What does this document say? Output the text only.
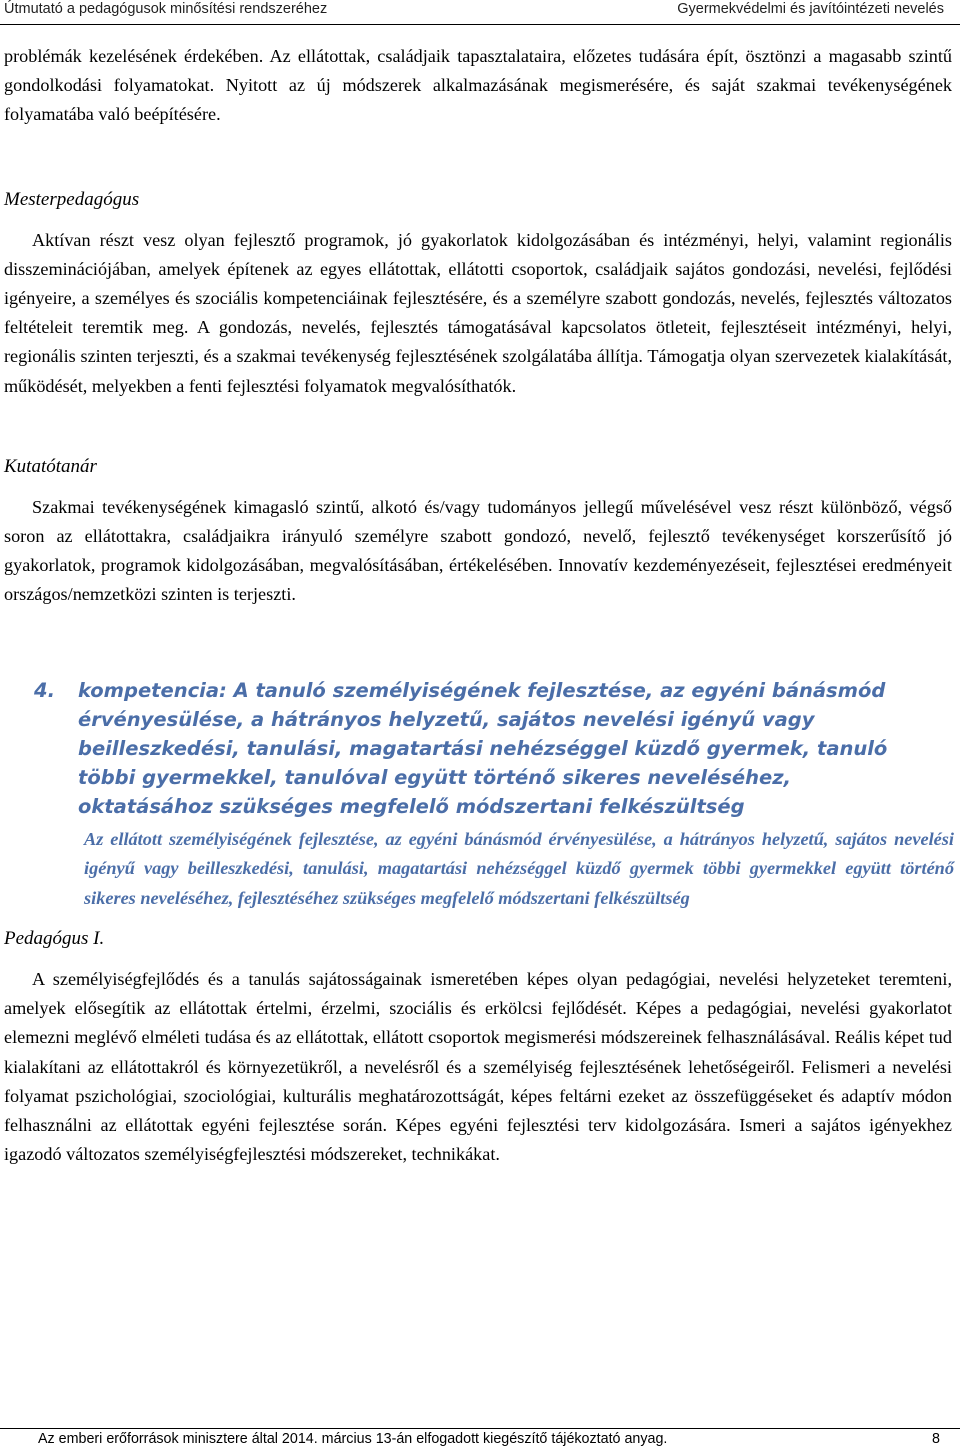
Útmutató a pedagógusok minősítési rendszeréhez	Gyermekvédelmi és javítóintézeti nevelés

problémák kezelésének érdekében. Az ellátottak, családjaik tapasztalataira, előzetes tudására épít, ösztönzi a magasabb szintű gondolkodási folyamatokat. Nyitott az új módszerek alkalmazásának megismerésére, és saját szakmai tevékenységének folyamatába való beépítésére.

Mesterpedagógus

Aktívan részt vesz olyan fejlesztő programok, jó gyakorlatok kidolgozásában és intézményi, helyi, valamint regionális disszeminációjában, amelyek építenek az egyes ellátottak, ellátotti csoportok, családjaik sajátos gondozási, nevelési, fejlődési igényeire, a személyes és szociális kompetenciáinak fejlesztésére, és a személyre szabott gondozás, nevelés, fejlesztés változatos feltételeit teremtik meg. A gondozás, nevelés, fejlesztés támogatásával kapcsolatos ötleteit, fejlesztéseit intézményi, helyi, regionális szinten terjeszti, és a szakmai tevékenység fejlesztésének szolgálatába állítja. Támogatja olyan szervezetek kialakítását, működését, melyekben a fenti fejlesztési folyamatok megvalósíthatók.

Kutatótanár

Szakmai tevékenységének kimagasló szintű, alkotó és/vagy tudományos jellegű művelésével vesz részt különböző, végső soron az ellátottakra, családjaikra irányuló személyre szabott gondozó, nevelő, fejlesztő tevékenységet korszerűsítő jó gyakorlatok, programok kidolgozásában, megvalósításában, értékelésében. Innovatív kezdeményezéseit, fejlesztései eredményeit országos/nemzetközi szinten is terjeszti.

4. kompetencia: A tanuló személyiségének fejlesztése, az egyéni bánásmód érvényesülése, a hátrányos helyzetű, sajátos nevelési igényű vagy beilleszkedési, tanulási, magatartási nehézséggel küzdő gyermek, tanuló többi gyermekkel, tanulóval együtt történő sikeres neveléséhez, oktatásához szükséges megfelelő módszertani felkészültség
Az ellátott személyiségének fejlesztése, az egyéni bánásmód érvényesülése, a hátrányos helyzetű, sajátos nevelési igényű vagy beilleszkedési, tanulási, magatartási nehézséggel küzdő gyermek többi gyermekkel együtt történő sikeres neveléséhez, fejlesztéséhez szükséges megfelelő módszertani felkészültség

Pedagógus I.

A személyiségfejlődés és a tanulás sajátosságainak ismeretében képes olyan pedagógiai, nevelési helyzeteket teremteni, amelyek elősegítik az ellátottak értelmi, érzelmi, szociális és erkölcsi fejlődését. Képes a pedagógiai, nevelési gyakorlatot elemezni meglévő elméleti tudása és az ellátottak, ellátott csoportok megismerési módszereinek felhasználásával. Reális képet tud kialakítani az ellátottakról és környezetükről, a nevelésről és a személyiség fejlesztésének lehetőségeiről. Felismeri a nevelési folyamat pszichológiai, szociológiai, kulturális meghatározottságát, képes feltárni ezeket az összefüggéseket és adaptív módon felhasználni az ellátottak egyéni fejlesztése során. Képes egyéni fejlesztési terv kidolgozására. Ismeri a sajátos igényekhez igazodó változatos személyiségfejlesztési módszereket, technikákat.

Az emberi erőforrások minisztere által 2014. március 13-án elfogadott kiegészítő tájékoztató anyag.	8
